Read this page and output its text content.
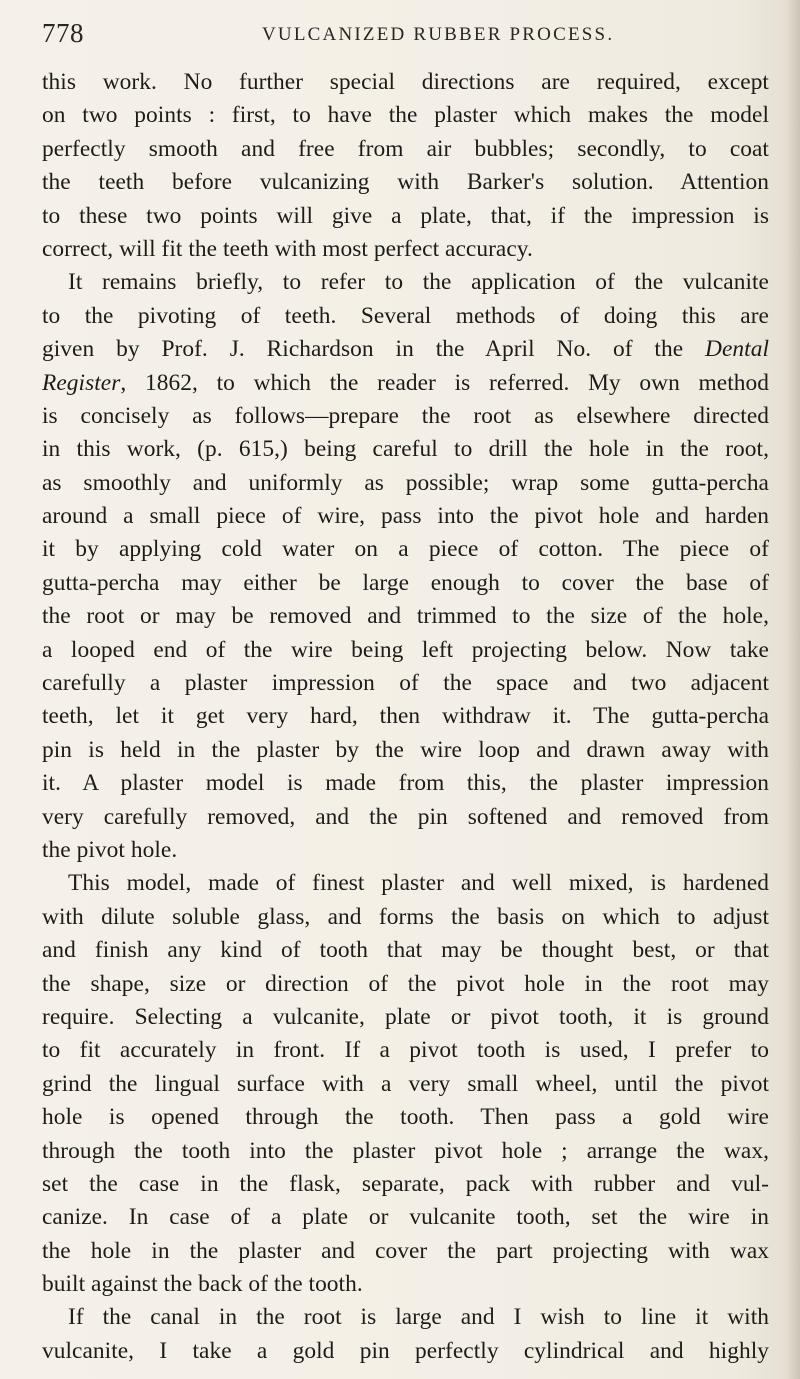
778	VULCANIZED RUBBER PROCESS.
this work. No further special directions are required, except
on two points : first, to have the plaster which makes the model
perfectly smooth and free from air bubbles; secondly, to coat
the teeth before vulcanizing with Barker's solution. Attention
to these two points will give a plate, that, if the impression is
correct, will fit the teeth with most perfect accuracy.
It remains briefly, to refer to the application of the vulcanite
to the pivoting of teeth. Several methods of doing this are
given by Prof. J. Richardson in the April No. of the Dental
Register, 1862, to which the reader is referred. My own method
is concisely as follows—prepare the root as elsewhere directed
in this work, (p. 615,) being careful to drill the hole in the root,
as smoothly and uniformly as possible; wrap some gutta-percha
around a small piece of wire, pass into the pivot hole and harden
it by applying cold water on a piece of cotton. The piece of
gutta-percha may either be large enough to cover the base of
the root or may be removed and trimmed to the size of the hole,
a looped end of the wire being left projecting below. Now take
carefully a plaster impression of the space and two adjacent
teeth, let it get very hard, then withdraw it. The gutta-percha
pin is held in the plaster by the wire loop and drawn away with
it. A plaster model is made from this, the plaster impression
very carefully removed, and the pin softened and removed from
the pivot hole.
This model, made of finest plaster and well mixed, is hardened
with dilute soluble glass, and forms the basis on which to adjust
and finish any kind of tooth that may be thought best, or that
the shape, size or direction of the pivot hole in the root may
require. Selecting a vulcanite, plate or pivot tooth, it is ground
to fit accurately in front. If a pivot tooth is used, I prefer to
grind the lingual surface with a very small wheel, until the pivot
hole is opened through the tooth. Then pass a gold wire
through the tooth into the plaster pivot hole ; arrange the wax,
set the case in the flask, separate, pack with rubber and vul-
canize. In case of a plate or vulcanite tooth, set the wire in
the hole in the plaster and cover the part projecting with wax
built against the back of the tooth.
If the canal in the root is large and I wish to line it with
vulcanite, I take a gold pin perfectly cylindrical and highly
